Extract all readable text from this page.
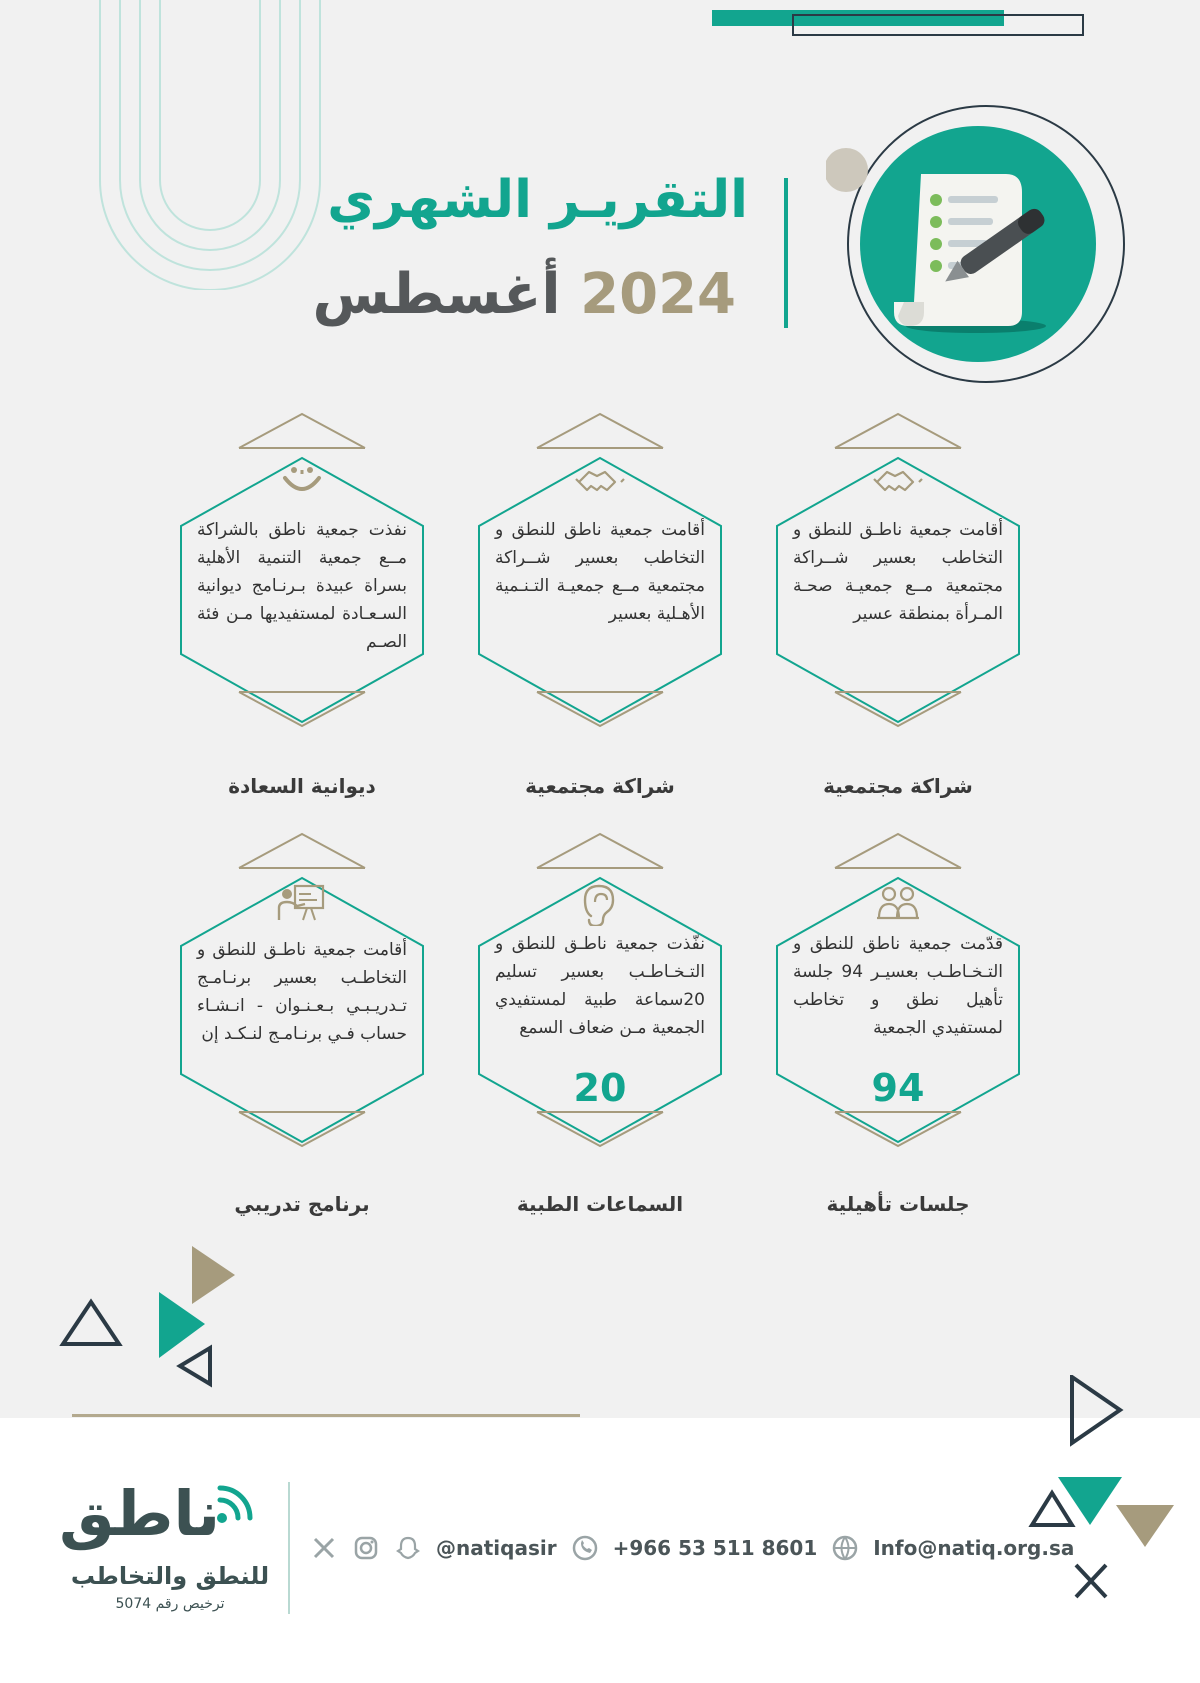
التقريـر الشهري
2024 أغسطس
أقامت جمعية ناطـق للنطق و التخاطب بعسير شــراكة مجتمعية مــع جمعيـة صحـة المـرأة بمنطقة عسير
شراكة مجتمعية
أقامت جمعية ناطق للنطق و التخاطب بعسير شــراكة مجتمعية مــع جمعيـة التـنـمية الأهـلية بعسير
شراكة مجتمعية
نفذت جمعية ناطق بالشراكة مــع جمعية التنمية الأهلية بسراة عبيدة بـرنـامج ديوانية السـعـادة لمستفيديها مـن فئة الصـم
ديوانية السعادة
قدّمت جمعية ناطق للنطق و التـخـاطـب بعسيـر 94 جلسة تأهيل نطق و تخاطب لمستفيدي الجمعية
94
جلسات تأهيلية
نفّذت جمعية ناطـق للنطق و التـخـاطـب بعسير تسليم 20سماعة طبية لمستفيدي الجمعية مـن ضعاف السمع
20
السماعات الطبية
أقامت جمعية ناطـق للنطق و التخاطـب بعسير برنـامـج تـدريـبـي بـعـنـوان - انـشـاء حساب فـي برنـامـج لنـكـد إن
برنامج تدريبي
ناطق
للنطق والتخاطب
ترخيص رقم 5074
@natiqasir	+966 53 511 8601	Info@natiq.org.sa
